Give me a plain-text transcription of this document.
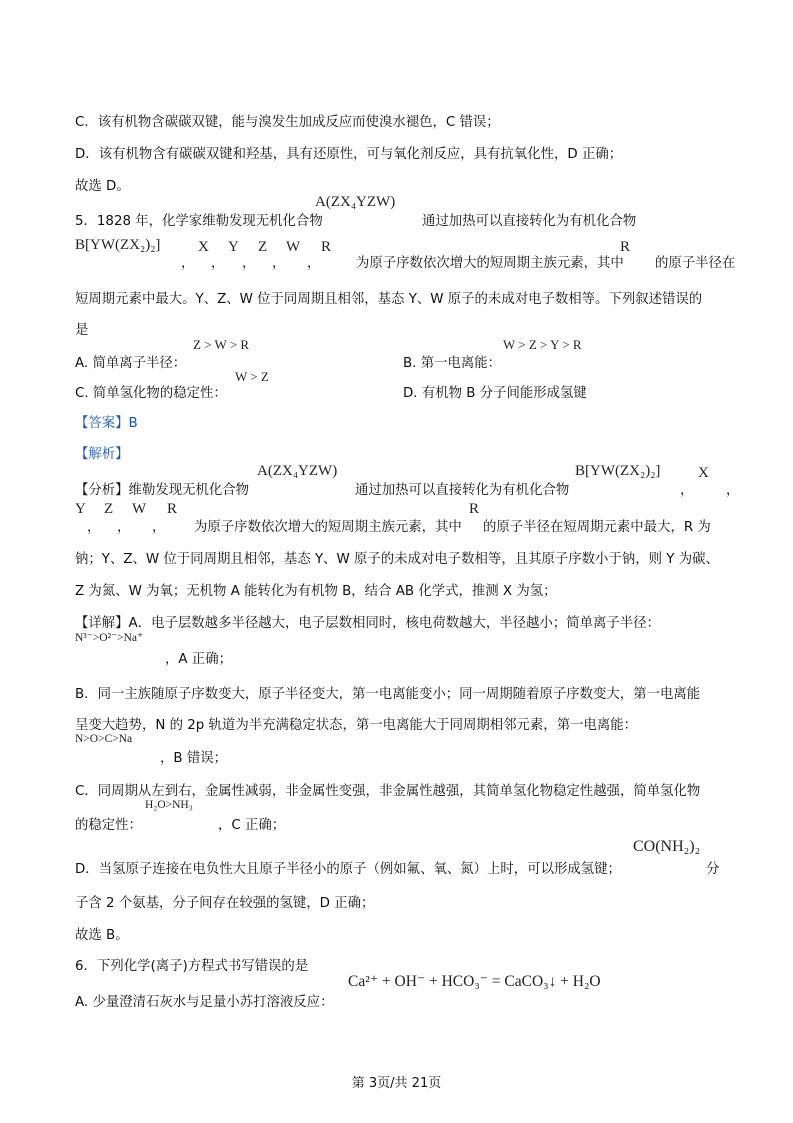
C．该有机物含碳碳双键，能与溴发生加成反应而使溴水褪色，C 错误；
D．该有机物含有碳碳双键和羟基，具有还原性，可与氧化剂反应，具有抗氧化性，D 正确；
故选 D。
A(ZX₄YZW)
5．1828 年，化学家维勒发现无机化合物	通过加热可以直接转化为有机化合物
B[YW(ZX₂)₂]	X Y Z W R	R
， ， ， ， ，	为原子序数依次增大的短周期主族元素，其中 的原子半径在
短周期元素中最大。Y、Z、W 位于同周期且相邻，基态 Y、W 原子的未成对电子数相等。下列叙述错误的
是
Z > W > R	W > Z > Y > R
A. 简单离子半径：	B. 第一电离能：
W > Z
C. 简单氢化物的稳定性：	D. 有机物 B 分子间能形成氢键
【答案】B
【解析】
A(ZX₄YZW)	B[YW(ZX₂)₂]	X
【分析】维勒发现无机化合物	通过加热可以直接转化为有机化合物	， ，
Y Z W R	R
， ， ， 为原子序数依次增大的短周期主族元素，其中 的原子半径在短周期元素中最大，R 为
钠；Y、Z、W 位于同周期且相邻，基态 Y、W 原子的未成对电子数相等，且其原子序数小于钠，则 Y 为碳、
Z 为氮、W 为氧；无机物 A 能转化为有机物 B，结合 AB 化学式，推测 X 为氢；
【详解】A．电子层数越多半径越大，电子层数相同时，核电荷数越大，半径越小；简单离子半径：
N³⁻>O²⁻>Na⁺
，A 正确；
B．同一主族随原子序数变大，原子半径变大，第一电离能变小；同一周期随着原子序数变大，第一电离能
呈变大趋势，N 的 2p 轨道为半充满稳定状态，第一电离能大于同周期相邻元素，第一电离能：
N>O>C>Na
，B 错误；
C．同周期从左到右，金属性减弱，非金属性变强，非金属性越强，其简单氢化物稳定性越强，简单氢化物
H₂O>NH₃
的稳定性：	，C 正确；
CO(NH₂)₂
D．当氢原子连接在电负性大且原子半径小的原子（例如氟、氧、氮）上时，可以形成氢键；	分
子含 2 个氨基，分子间存在较强的氢键，D 正确；
故选 B。
6．下列化学(离子)方程式书写错误的是
Ca²⁺ + OH⁻ + HCO₃⁻ = CaCO₃↓ + H₂O
A. 少量澄清石灰水与足量小苏打溶液反应：
第 3页/共 21页
